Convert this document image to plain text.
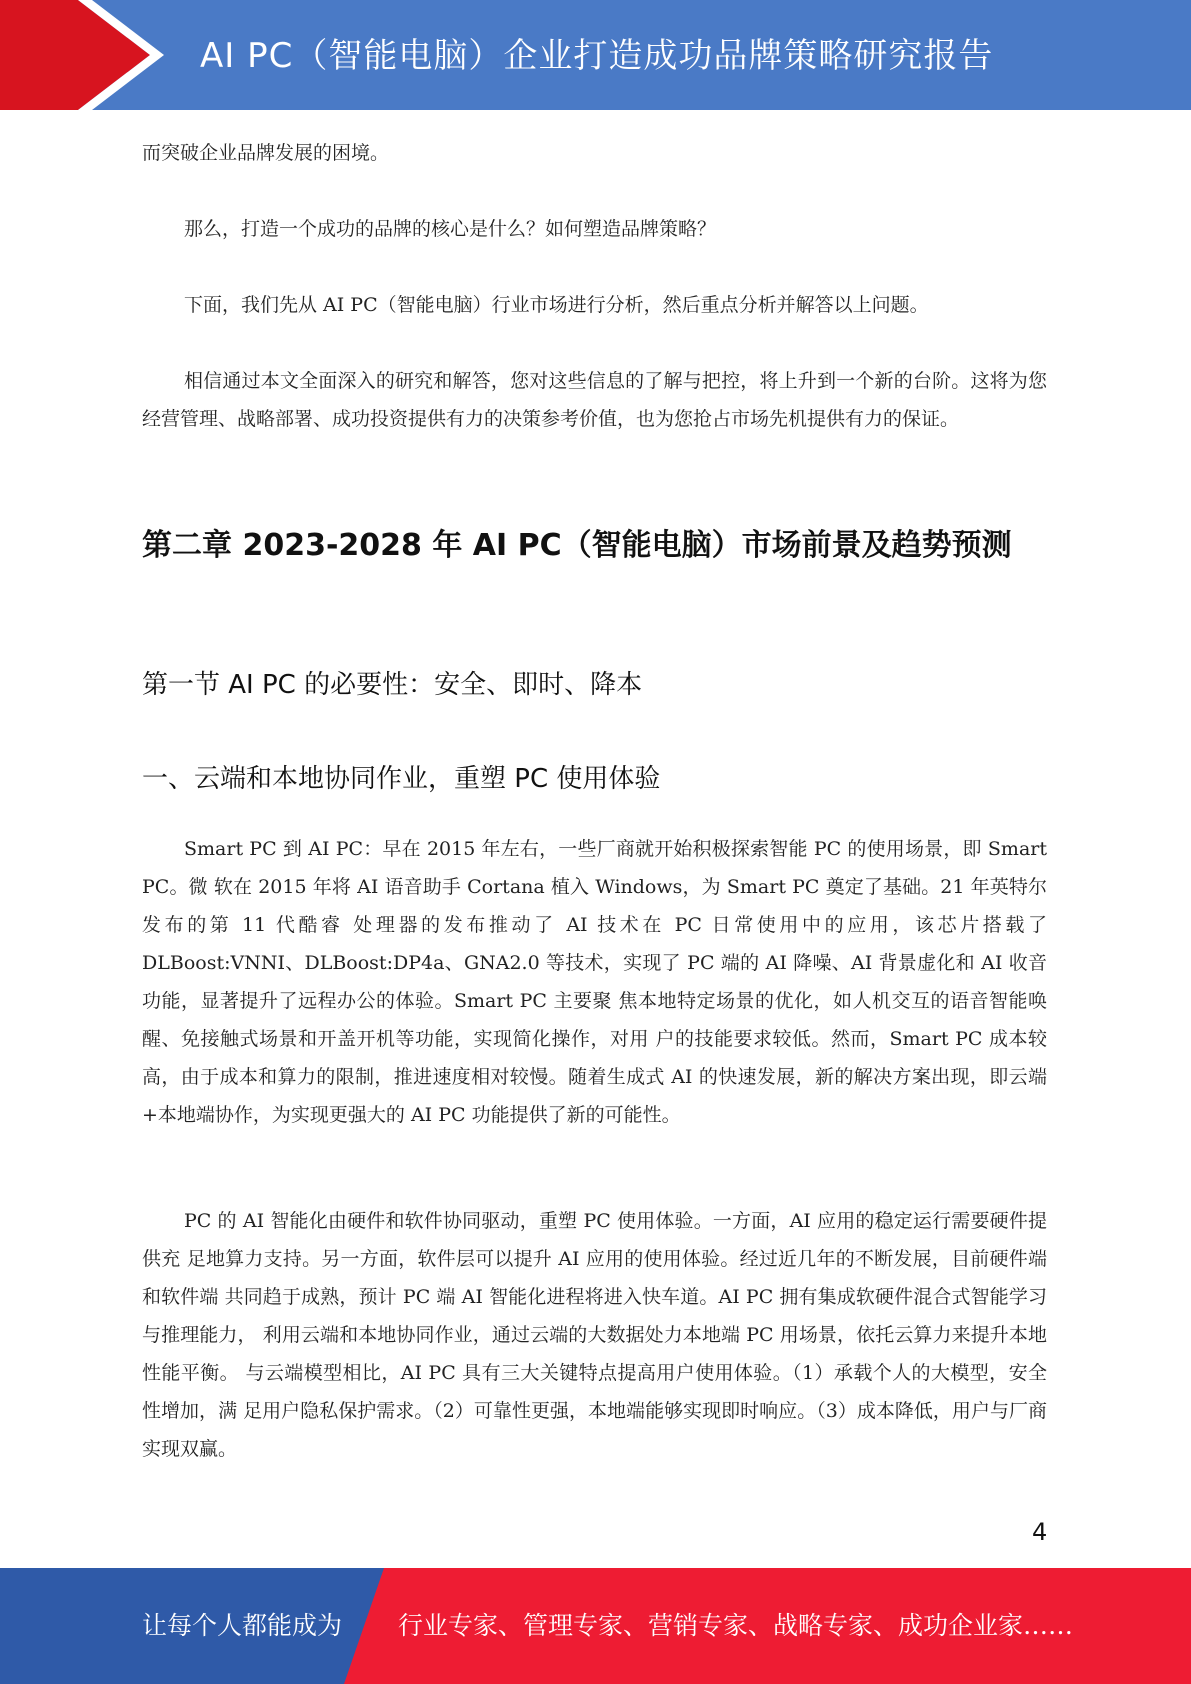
AI PC（智能电脑）企业打造成功品牌策略研究报告

而突破企业品牌发展的困境。

那么，打造一个成功的品牌的核心是什么？如何塑造品牌策略？

下面，我们先从 AI PC（智能电脑）行业市场进行分析，然后重点分析并解答以上问题。

相信通过本文全面深入的研究和解答，您对这些信息的了解与把控，将上升到一个新的台阶。这将为您经营管理、战略部署、成功投资提供有力的决策参考价值，也为您抢占市场先机提供有力的保证。

第二章 2023-2028 年 AI PC（智能电脑）市场前景及趋势预测
第一节 AI PC 的必要性：安全、即时、降本
一、云端和本地协同作业，重塑 PC 使用体验

Smart PC 到 AI PC：早在 2015 年左右，一些厂商就开始积极探索智能 PC 的使用场景，即 Smart PC。微 软在 2015 年将 AI 语音助手 Cortana 植入 Windows，为 Smart PC 奠定了基础。21 年英特尔发布的第 11 代酷睿 处理器的发布推动了 AI 技术在 PC 日常使用中的应用，该芯片搭载了 DLBoost:VNNI、DLBoost:DP4a、GNA2.0 等技术，实现了 PC 端的 AI 降噪、AI 背景虚化和 AI 收音功能，显著提升了远程办公的体验。Smart PC 主要聚 焦本地特定场景的优化，如人机交互的语音智能唤醒、免接触式场景和开盖开机等功能，实现简化操作，对用 户的技能要求较低。然而，Smart PC 成本较高，由于成本和算力的限制，推进速度相对较慢。随着生成式 AI 的快速发展，新的解决方案出现，即云端+本地端协作，为实现更强大的 AI PC 功能提供了新的可能性。

PC 的 AI 智能化由硬件和软件协同驱动，重塑 PC 使用体验。一方面，AI 应用的稳定运行需要硬件提供充 足地算力支持。另一方面，软件层可以提升 AI 应用的使用体验。经过近几年的不断发展，目前硬件端和软件端 共同趋于成熟，预计 PC 端 AI 智能化进程将进入快车道。AI PC 拥有集成软硬件混合式智能学习与推理能力， 利用云端和本地协同作业，通过云端的大数据处力本地端 PC 用场景，依托云算力来提升本地性能平衡。 与云端模型相比，AI PC 具有三大关键特点提高用户使用体验。（1）承载个人的大模型，安全性增加，满 足用户隐私保护需求。（2）可靠性更强，本地端能够实现即时响应。（3）成本降低，用户与厂商实现双赢。

4
让每个人都能成为 行业专家、管理专家、营销专家、战略专家、成功企业家……
